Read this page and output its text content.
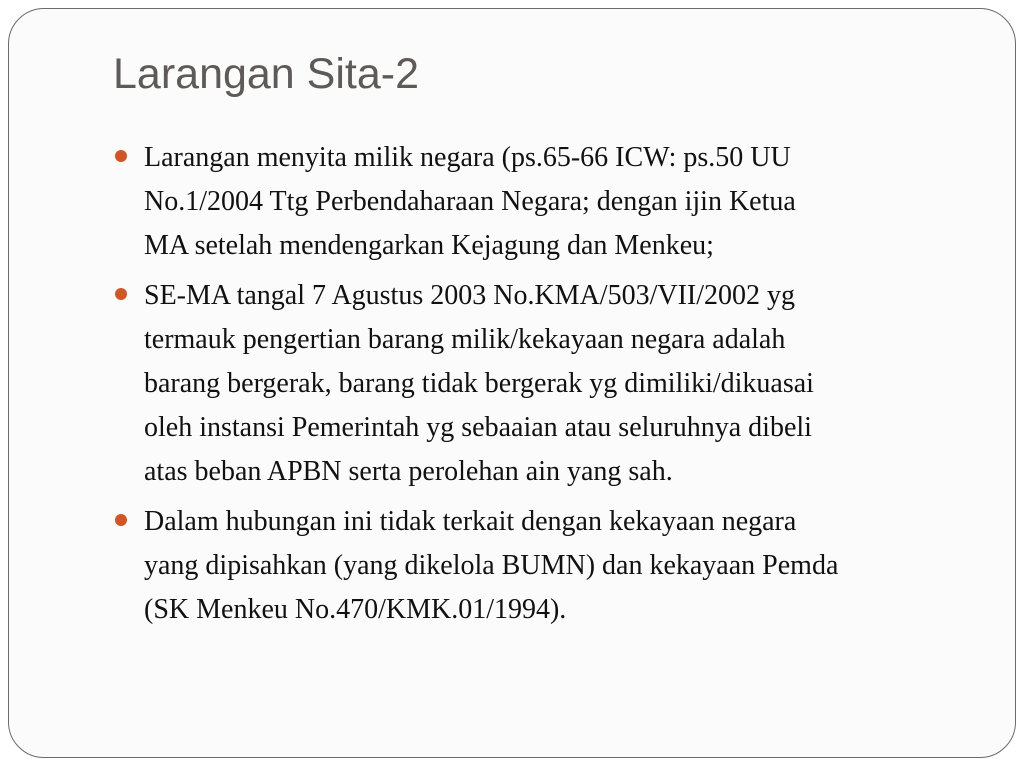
Larangan Sita-2
Larangan menyita milik negara (ps.65-66 ICW: ps.50 UU
No.1/2004 Ttg Perbendaharaan Negara; dengan ijin Ketua
MA setelah mendengarkan Kejagung dan Menkeu;
SE-MA tangal 7 Agustus 2003 No.KMA/503/VII/2002 yg
termauk pengertian barang milik/kekayaan negara adalah
barang bergerak, barang tidak bergerak yg dimiliki/dikuasai
oleh instansi Pemerintah yg sebaaian atau seluruhnya dibeli
atas beban APBN serta perolehan ain yang sah.
Dalam hubungan ini tidak terkait dengan kekayaan negara
yang dipisahkan (yang dikelola BUMN) dan kekayaan Pemda
(SK Menkeu No.470/KMK.01/1994).
